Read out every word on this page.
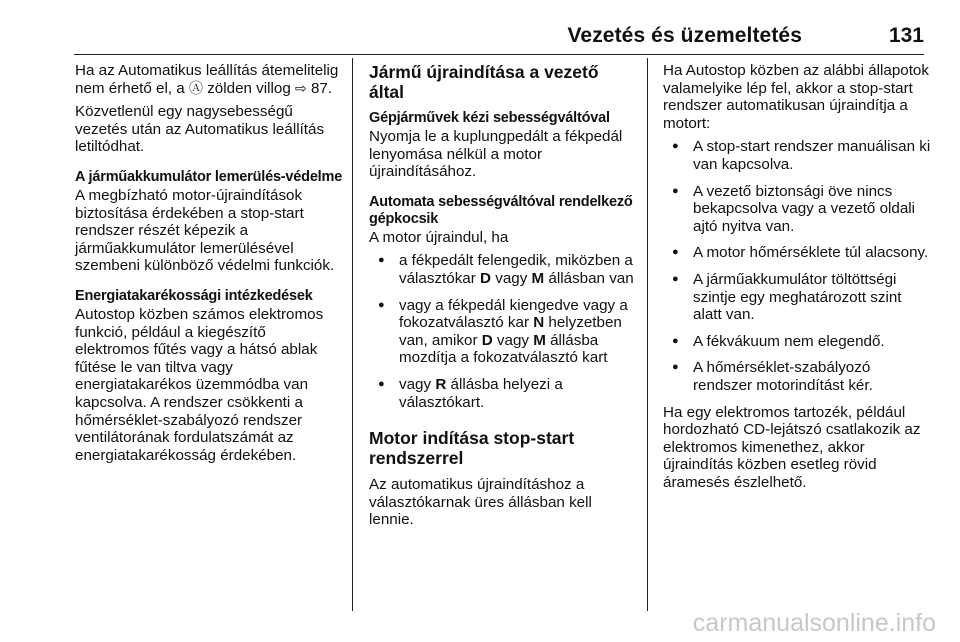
Vezetés és üzemeltetés	131

Ha az Automatikus leállítás átemelitelig nem érhető el, a Ⓐ zölden villog ⇨ 87.

Közvetlenül egy nagysebességű vezetés után az Automatikus leállítás letiltódhat.

A járműakkumulátor lemerülés-védelme

A megbízható motor-újraindítások biztosítása érdekében a stop-start rendszer részét képezik a járműakkumulátor lemerülésével szembeni különböző védelmi funkciók.

Energiatakarékossági intézkedések

Autostop közben számos elektromos funkció, például a kiegészítő elektromos fűtés vagy a hátsó ablak fűtése le van tiltva vagy energiatakarékos üzemmódba van kapcsolva. A rendszer csökkenti a hőmérséklet-szabályozó rendszer ventilátorának fordulatszámát az energiatakarékosság érdekében.

Jármű újraindítása a vezető által
Gépjárművek kézi sebességváltóval

Nyomja le a kuplungpedált a fékpedál lenyomása nélkül a motor újraindításához.

Automata sebességváltóval rendelkező gépkocsik

A motor újraindul, ha

● a fékpedált felengedik, miközben a választókar D vagy M állásban van
● vagy a fékpedál kiengedve vagy a fokozatválasztó kar N helyzetben van, amikor D vagy M állásba mozdítja a fokozatválasztó kart
● vagy R állásba helyezi a választókart.
Motor indítása stop-start rendszerrel

Az automatikus újraindításhoz a választókarnak üres állásban kell lennie.

Ha Autostop közben az alábbi állapotok valamelyike lép fel, akkor a stop-start rendszer automatikusan újraindítja a motort:

● A stop-start rendszer manuálisan ki van kapcsolva.
● A vezető biztonsági öve nincs bekapcsolva vagy a vezető oldali ajtó nyitva van.
● A motor hőmérséklete túl alacsony.
● A járműakkumulátor töltöttségi szintje egy meghatározott szint alatt van.
● A fékvákuum nem elegendő.
● A hőmérséklet-szabályozó rendszer motorindítást kér.

Ha egy elektromos tartozék, például hordozható CD-lejátszó csatlakozik az elektromos kimenethez, akkor újraindítás közben esetleg rövid áramesés észlelhető.

carmanualsonline.info
